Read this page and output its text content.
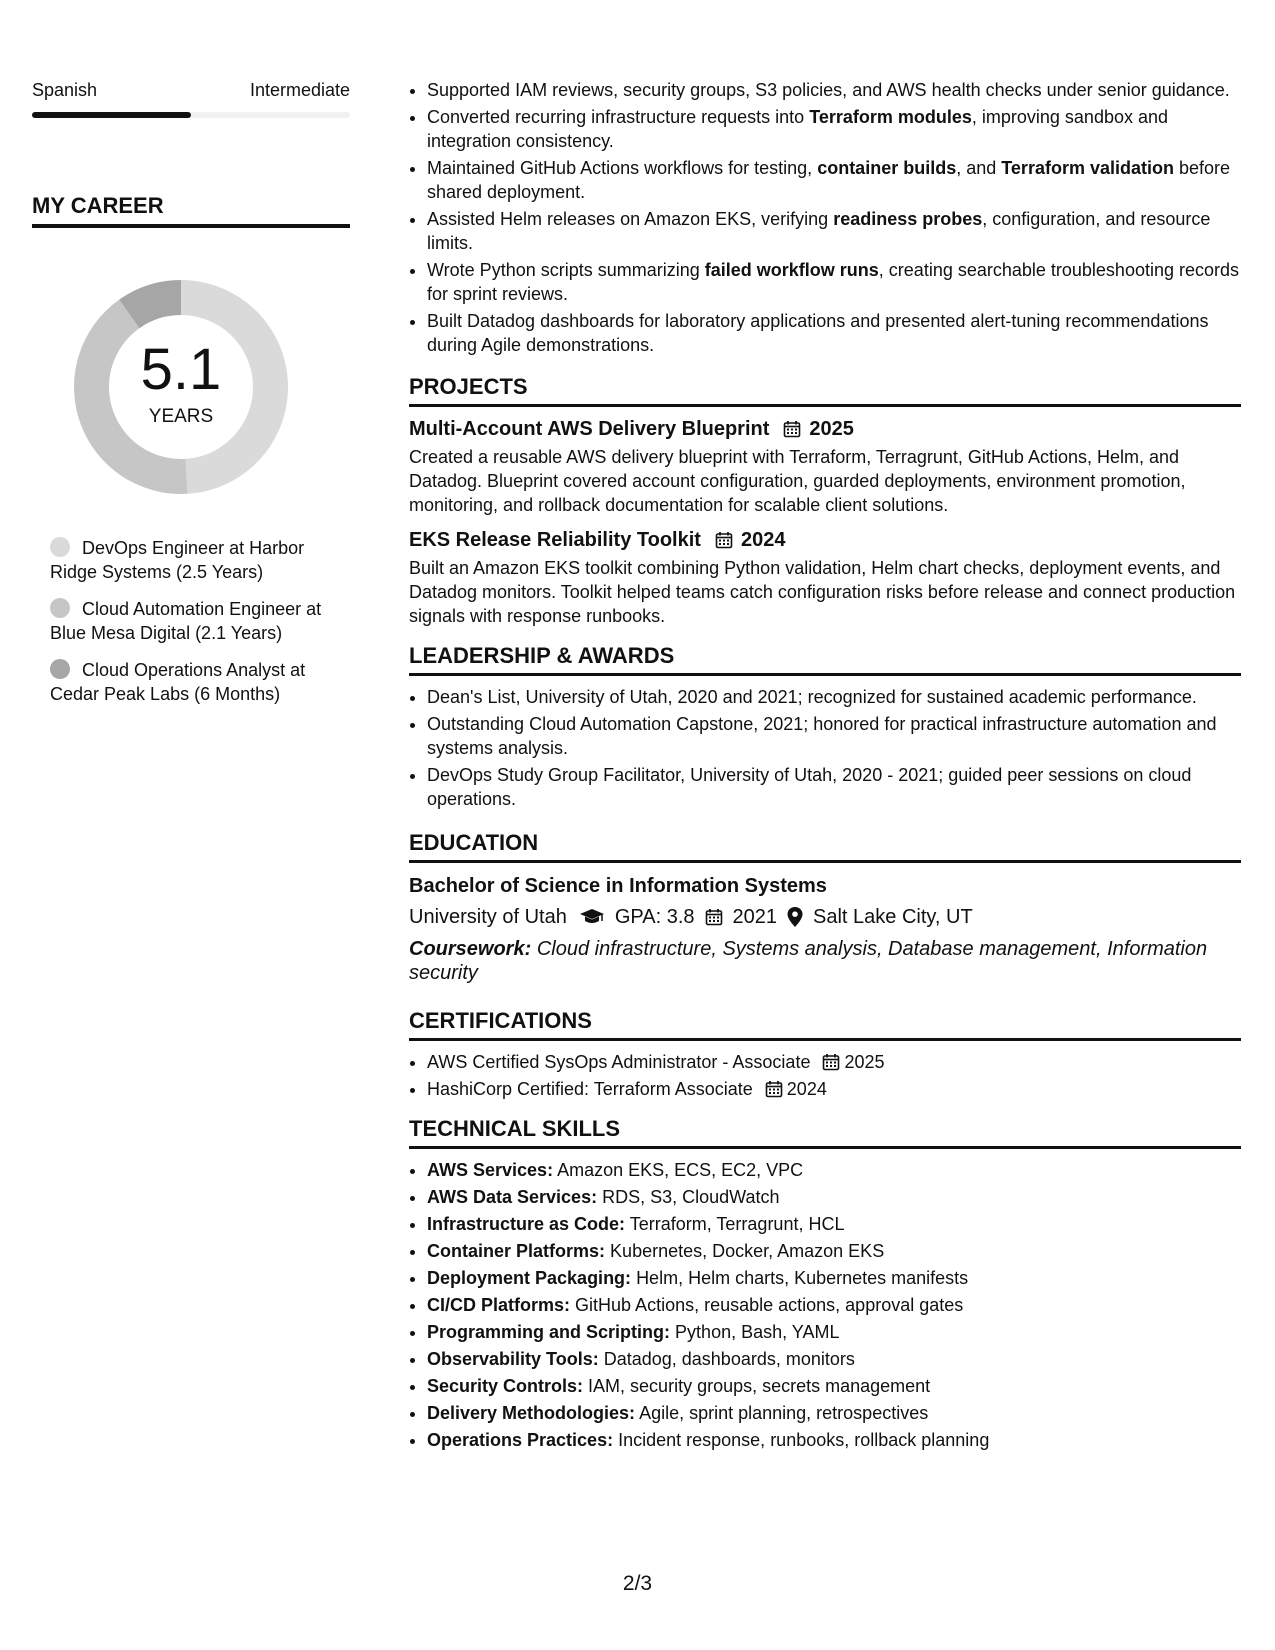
Spanish	Intermediate
MY CAREER
5.1
YEARS
DevOps Engineer at Harbor Ridge Systems (2.5 Years)
Cloud Automation Engineer at Blue Mesa Digital (2.1 Years)
Cloud Operations Analyst at Cedar Peak Labs (6 Months)
• Supported IAM reviews, security groups, S3 policies, and AWS health checks under senior guidance.
• Converted recurring infrastructure requests into Terraform modules, improving sandbox and integration consistency.
• Maintained GitHub Actions workflows for testing, container builds, and Terraform validation before shared deployment.
• Assisted Helm releases on Amazon EKS, verifying readiness probes, configuration, and resource limits.
• Wrote Python scripts summarizing failed workflow runs, creating searchable troubleshooting records for sprint reviews.
• Built Datadog dashboards for laboratory applications and presented alert-tuning recommendations during Agile demonstrations.
PROJECTS
Multi-Account AWS Delivery Blueprint 2025
Created a reusable AWS delivery blueprint with Terraform, Terragrunt, GitHub Actions, Helm, and Datadog. Blueprint covered account configuration, guarded deployments, environment promotion, monitoring, and rollback documentation for scalable client solutions.
EKS Release Reliability Toolkit 2024
Built an Amazon EKS toolkit combining Python validation, Helm chart checks, deployment events, and Datadog monitors. Toolkit helped teams catch configuration risks before release and connect production signals with response runbooks.
LEADERSHIP & AWARDS
• Dean's List, University of Utah, 2020 and 2021; recognized for sustained academic performance.
• Outstanding Cloud Automation Capstone, 2021; honored for practical infrastructure automation and systems analysis.
• DevOps Study Group Facilitator, University of Utah, 2020 - 2021; guided peer sessions on cloud operations.
EDUCATION
Bachelor of Science in Information Systems
University of Utah GPA: 3.8 2021 Salt Lake City, UT
Coursework: Cloud infrastructure, Systems analysis, Database management, Information security
CERTIFICATIONS
• AWS Certified SysOps Administrator - Associate 2025
• HashiCorp Certified: Terraform Associate 2024
TECHNICAL SKILLS
• AWS Services: Amazon EKS, ECS, EC2, VPC
• AWS Data Services: RDS, S3, CloudWatch
• Infrastructure as Code: Terraform, Terragrunt, HCL
• Container Platforms: Kubernetes, Docker, Amazon EKS
• Deployment Packaging: Helm, Helm charts, Kubernetes manifests
• CI/CD Platforms: GitHub Actions, reusable actions, approval gates
• Programming and Scripting: Python, Bash, YAML
• Observability Tools: Datadog, dashboards, monitors
• Security Controls: IAM, security groups, secrets management
• Delivery Methodologies: Agile, sprint planning, retrospectives
• Operations Practices: Incident response, runbooks, rollback planning
2/3
